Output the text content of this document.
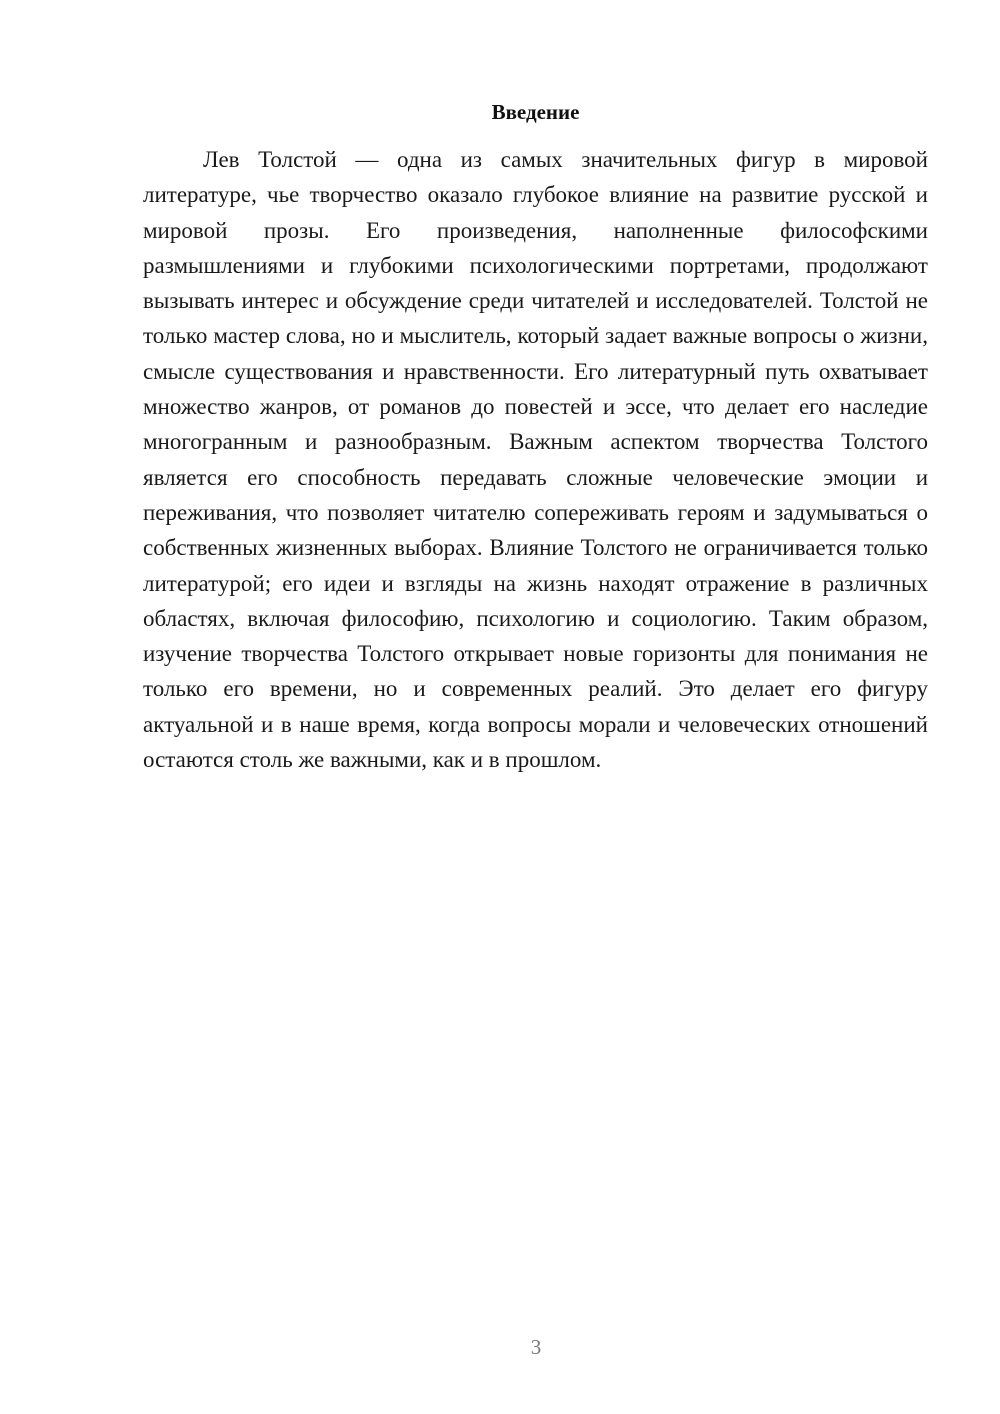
Введение

Лев Толстой — одна из самых значительных фигур в мировой литературе, чье творчество оказало глубокое влияние на развитие русской и мировой прозы. Его произведения, наполненные философскими размышлениями и глубокими психологическими портретами, продолжают вызывать интерес и обсуждение среди читателей и исследователей. Толстой не только мастер слова, но и мыслитель, который задает важные вопросы о жизни, смысле существования и нравственности. Его литературный путь охватывает множество жанров, от романов до повестей и эссе, что делает его наследие многогранным и разнообразным. Важным аспектом творчества Толстого является его способность передавать сложные человеческие эмоции и переживания, что позволяет читателю сопереживать героям и задумываться о собственных жизненных выборах. Влияние Толстого не ограничивается только литературой; его идеи и взгляды на жизнь находят отражение в различных областях, включая философию, психологию и социологию. Таким образом, изучение творчества Толстого открывает новые горизонты для понимания не только его времени, но и современных реалий. Это делает его фигуру актуальной и в наше время, когда вопросы морали и человеческих отношений остаются столь же важными, как и в прошлом.

3
